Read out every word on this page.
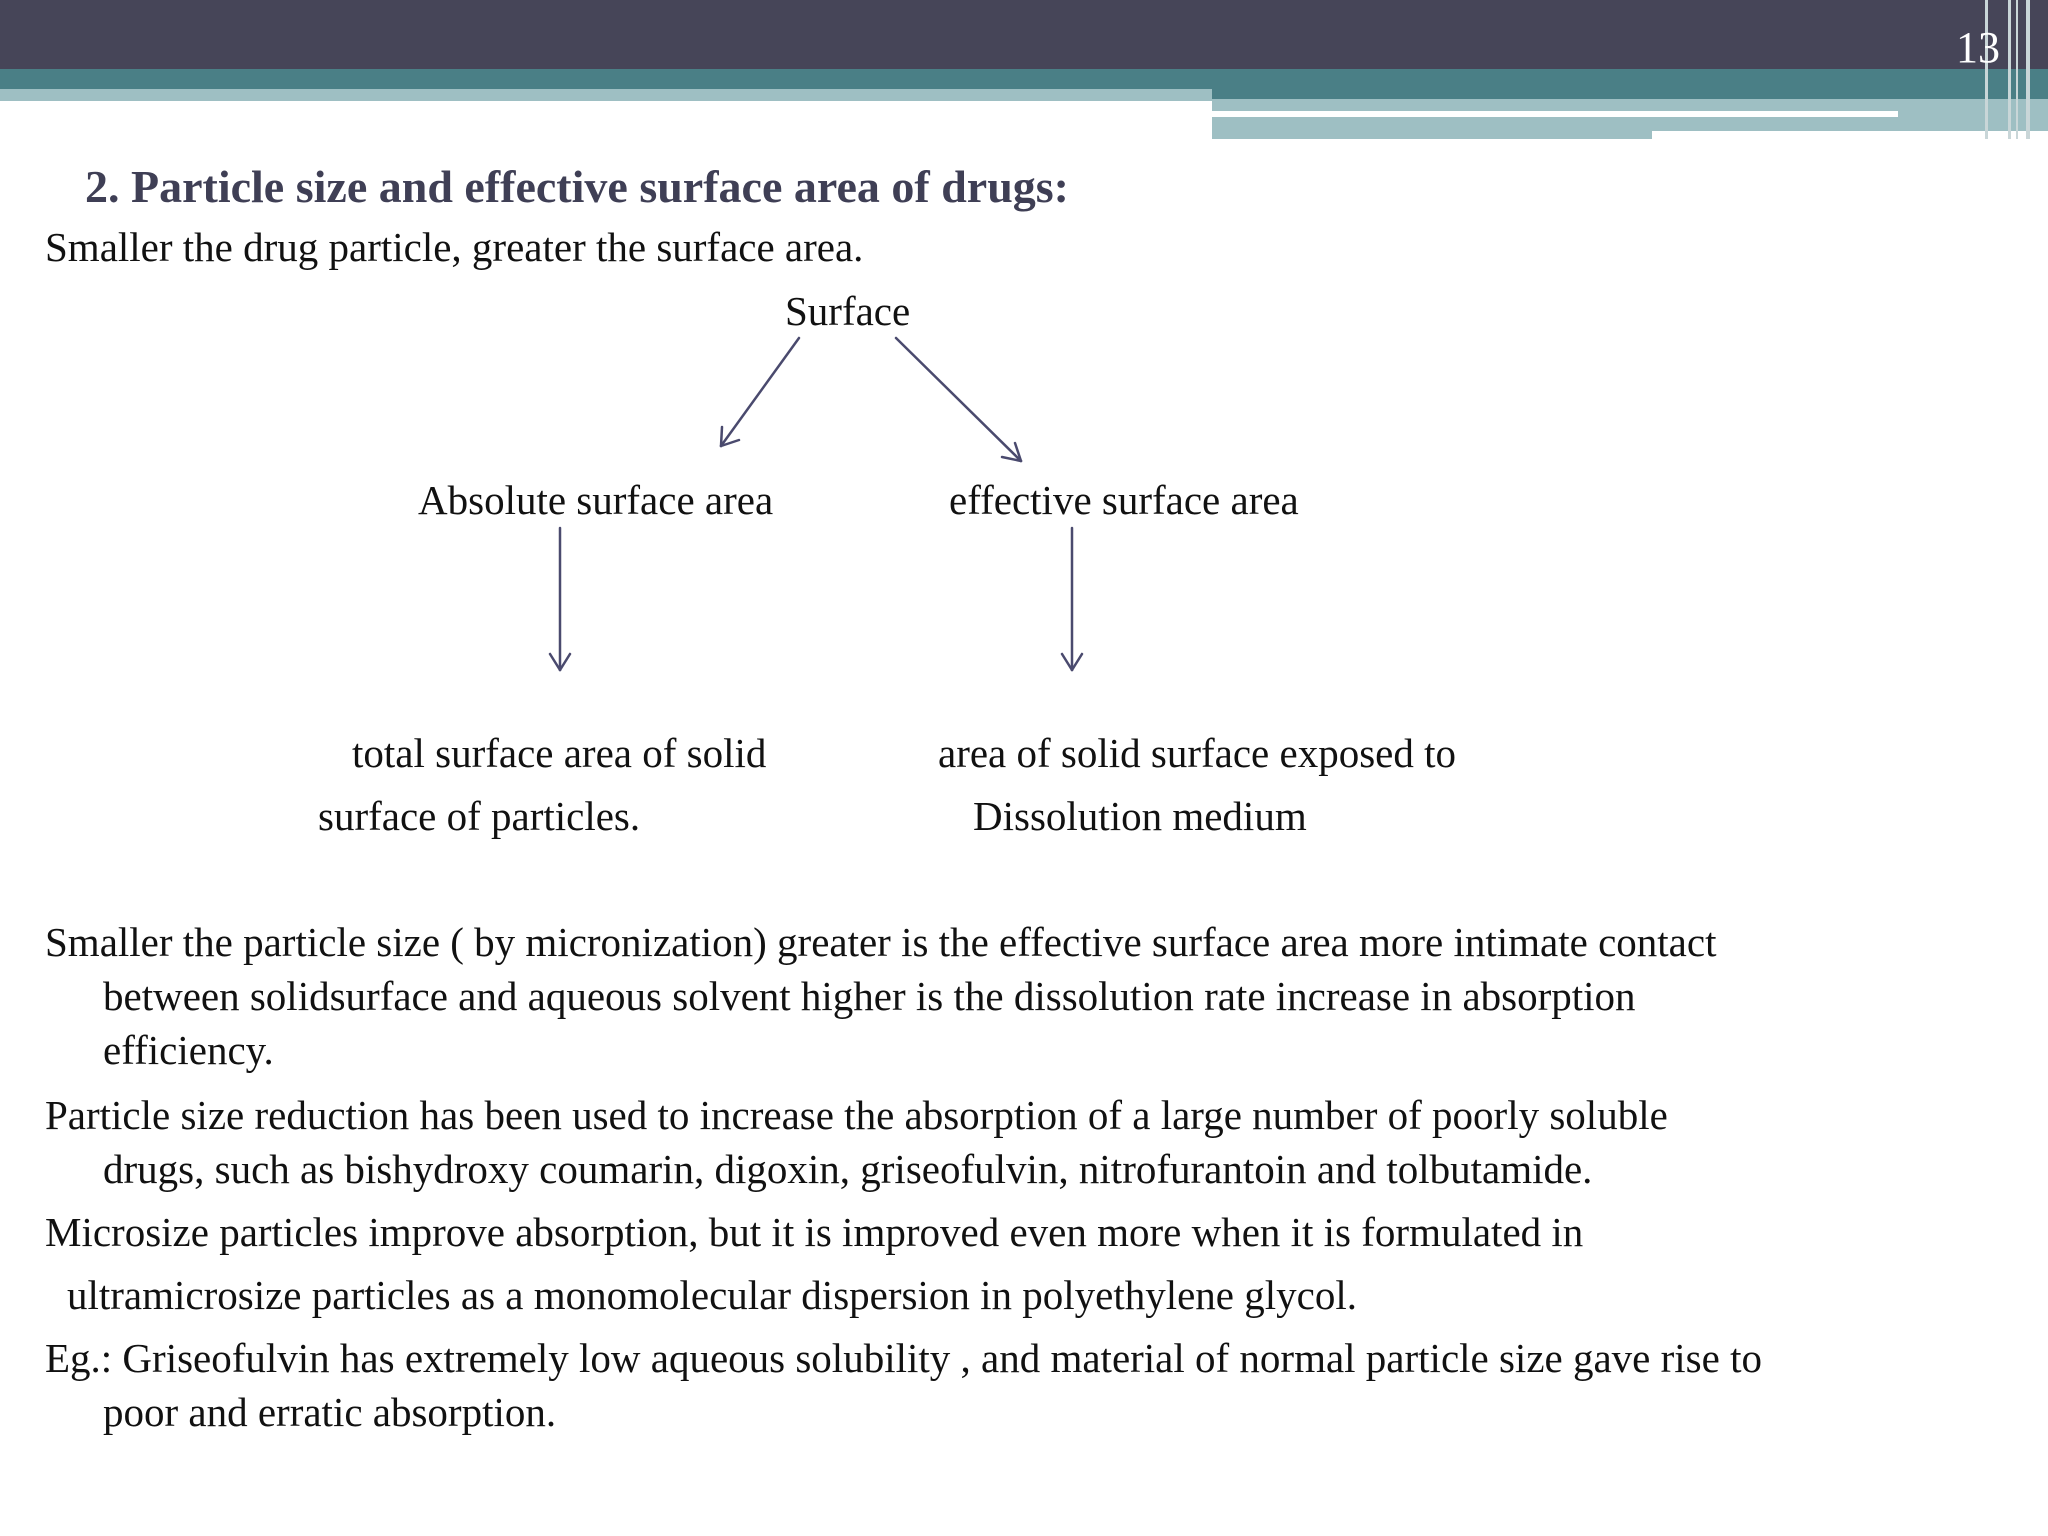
13
2. Particle size and effective surface area of drugs:
Smaller the drug particle, greater the surface area.
Surface
Absolute surface area	effective surface area
total surface area of solid
surface of particles.
area of solid surface exposed to
Dissolution medium
Smaller the particle size ( by micronization) greater is the effective surface area more intimate contact
between solidsurface and aqueous solvent higher is the dissolution rate increase in absorption
efficiency.
Particle size reduction has been used to increase the absorption of a large number of poorly soluble
drugs, such as bishydroxy coumarin, digoxin, griseofulvin, nitrofurantoin and tolbutamide.
Microsize particles improve absorption, but it is improved even more when it is formulated in
ultramicrosize particles as a monomolecular dispersion in polyethylene glycol.
Eg.: Griseofulvin has extremely low aqueous solubility , and material of normal particle size gave rise to
poor and erratic absorption.
